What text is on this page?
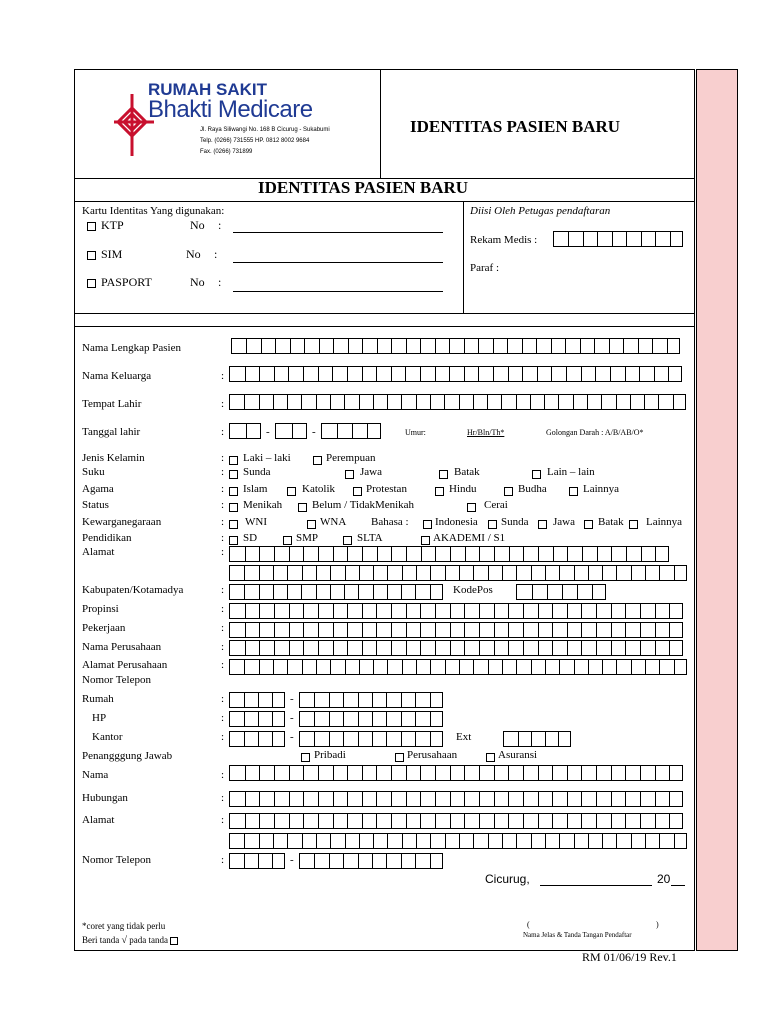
RUMAH SAKIT
Bhakti Medicare
Jl. Raya Siliwangi No. 168 B Cicurug - Sukabumi
Telp. (0266) 731555 HP. 0812 8002 9684
Fax. (0266) 731899
IDENTITAS PASIEN BARU
IDENTITAS PASIEN BARU
Kartu Identitas Yang digunakan:
KTP	No :
SIM	No :
PASPORT	No :
Diisi Oleh Petugas pendaftaran
Rekam Medis :
Paraf :
Nama Lengkap Pasien
Nama Keluarga	:
Tempat Lahir	:
Tanggal lahir	:	-	-	Umur:	Hr/Bln/Th*	Golongan Darah : A/B/AB/O*
Jenis Kelamin	: Laki – laki	Perempuan
Suku	: Sunda	Jawa	Batak	Lain – lain
Agama	: Islam	Katolik	Protestan	Hindu	Budha	Lainnya
Status	: Menikah	Belum / TidakMenikah	Cerai
Kewarganegaraan	: WNI	WNA Bahasa : Indonesia Sunda Jawa Batak Lainnya
Pendidikan	: SD	SMP	SLTA	AKADEMI / S1
Alamat	:
Kabupaten/Kotamadya	:	KodePos
Propinsi	:
Pekerjaan	:
Nama Perusahaan	:
Alamat Perusahaan	:
Nomor Telepon
Rumah	:	-
HP	:	-
Kantor	:	-	Ext
Penangggung Jawab	Pribadi	Perusahaan	Asuransi
Nama	:
Hubungan	:
Alamat	:
Nomor Telepon	:	-
Cicurug,	20
*coret yang tidak perlu
Beri tanda √ pada tanda
(	)
Nama Jelas & Tanda Tangan Pendaftar
RM 01/06/19 Rev.1
